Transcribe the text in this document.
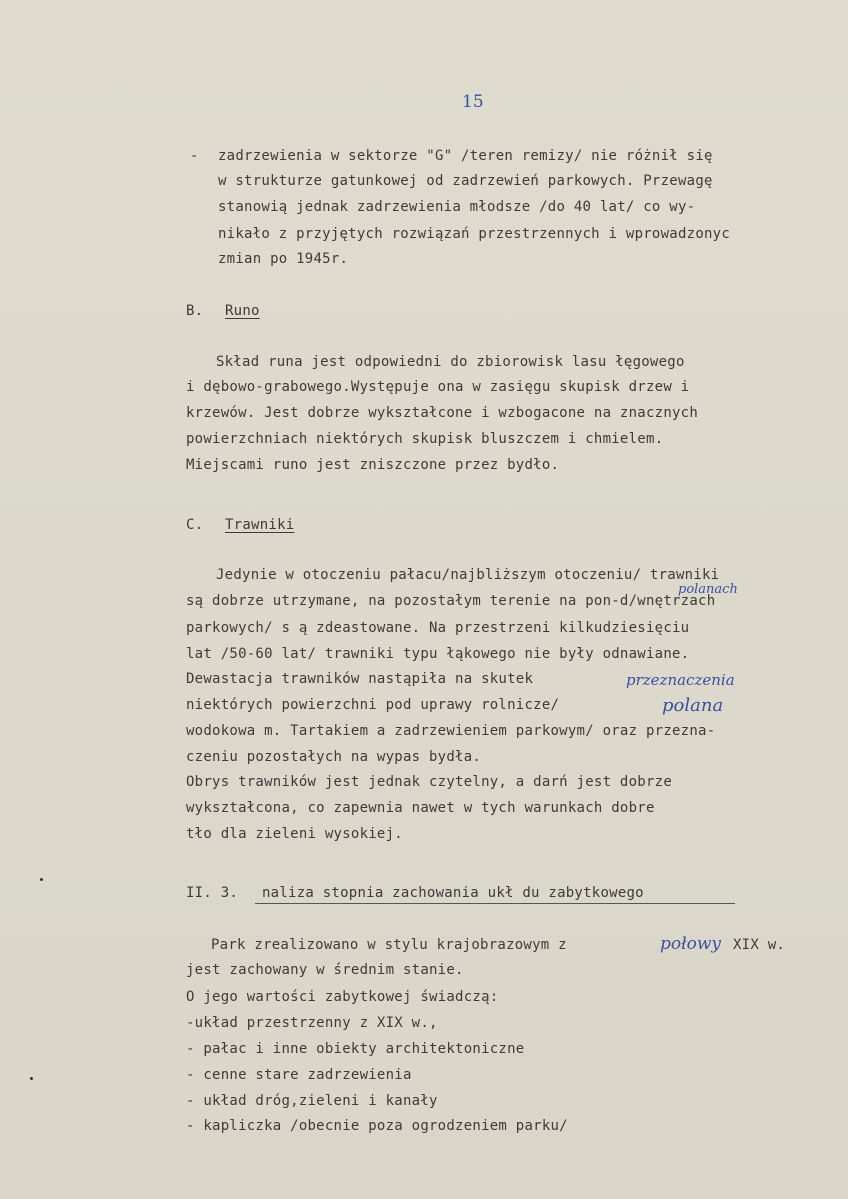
15
- zadrzewienia w sektorze "G" /teren remizy/ nie różnił się
w strukturze gatunkowej od zadrzewień parkowych. Przewagę
stanowią jednak zadrzewienia młodsze /do 40 lat/ co wy-
nikało z przyjętych rozwiązań przestrzennych i wprowadzonyc
zmian po 1945r.
B. Runo
Skład runa jest odpowiedni do zbiorowisk lasu łęgowego
i dębowo-grabowego.Występuje ona w zasięgu skupisk drzew i
krzewów. Jest dobrze wykształcone i wzbogacone na znacznych
powierzchniach niektórych skupisk bluszczem i chmielem.
Miejscami runo jest zniszczone przez bydło.
C. Trawniki
polanach
Jedynie w otoczeniu pałacu/najbliższym otoczeniu/ trawniki
są dobrze utrzymane, na pozostałym terenie na pon-d/wnętrzach
parkowych/ s ą zdeastowane. Na przestrzeni kilkudziesięciu
lat /50-60 lat/ trawniki typu łąkowego nie były odnawiane.
Dewastacja trawników nastąpiła na skutek	przeznaczenia
niektórych powierzchni pod uprawy rolnicze/	polana
wodokowa m. Tartakiem a zadrzewieniem parkowym/ oraz przezna-
czeniu pozostałych na wypas bydła.
Obrys trawników jest jednak czytelny, a darń jest dobrze
wykształcona, co zapewnia nawet w tych warunkach dobre
tło dla zieleni wysokiej.
II. 3. naliza stopnia zachowania ukł du zabytkowego
Park zrealizowano w stylu krajobrazowym z	połowy XIX w.
jest zachowany w średnim stanie.
O jego wartości zabytkowej świadczą:
-układ przestrzenny z XIX w.,
- pałac i inne obiekty architektoniczne
- cenne stare zadrzewienia
- układ dróg,zieleni i kanały
- kapliczka /obecnie poza ogrodzeniem parku/
